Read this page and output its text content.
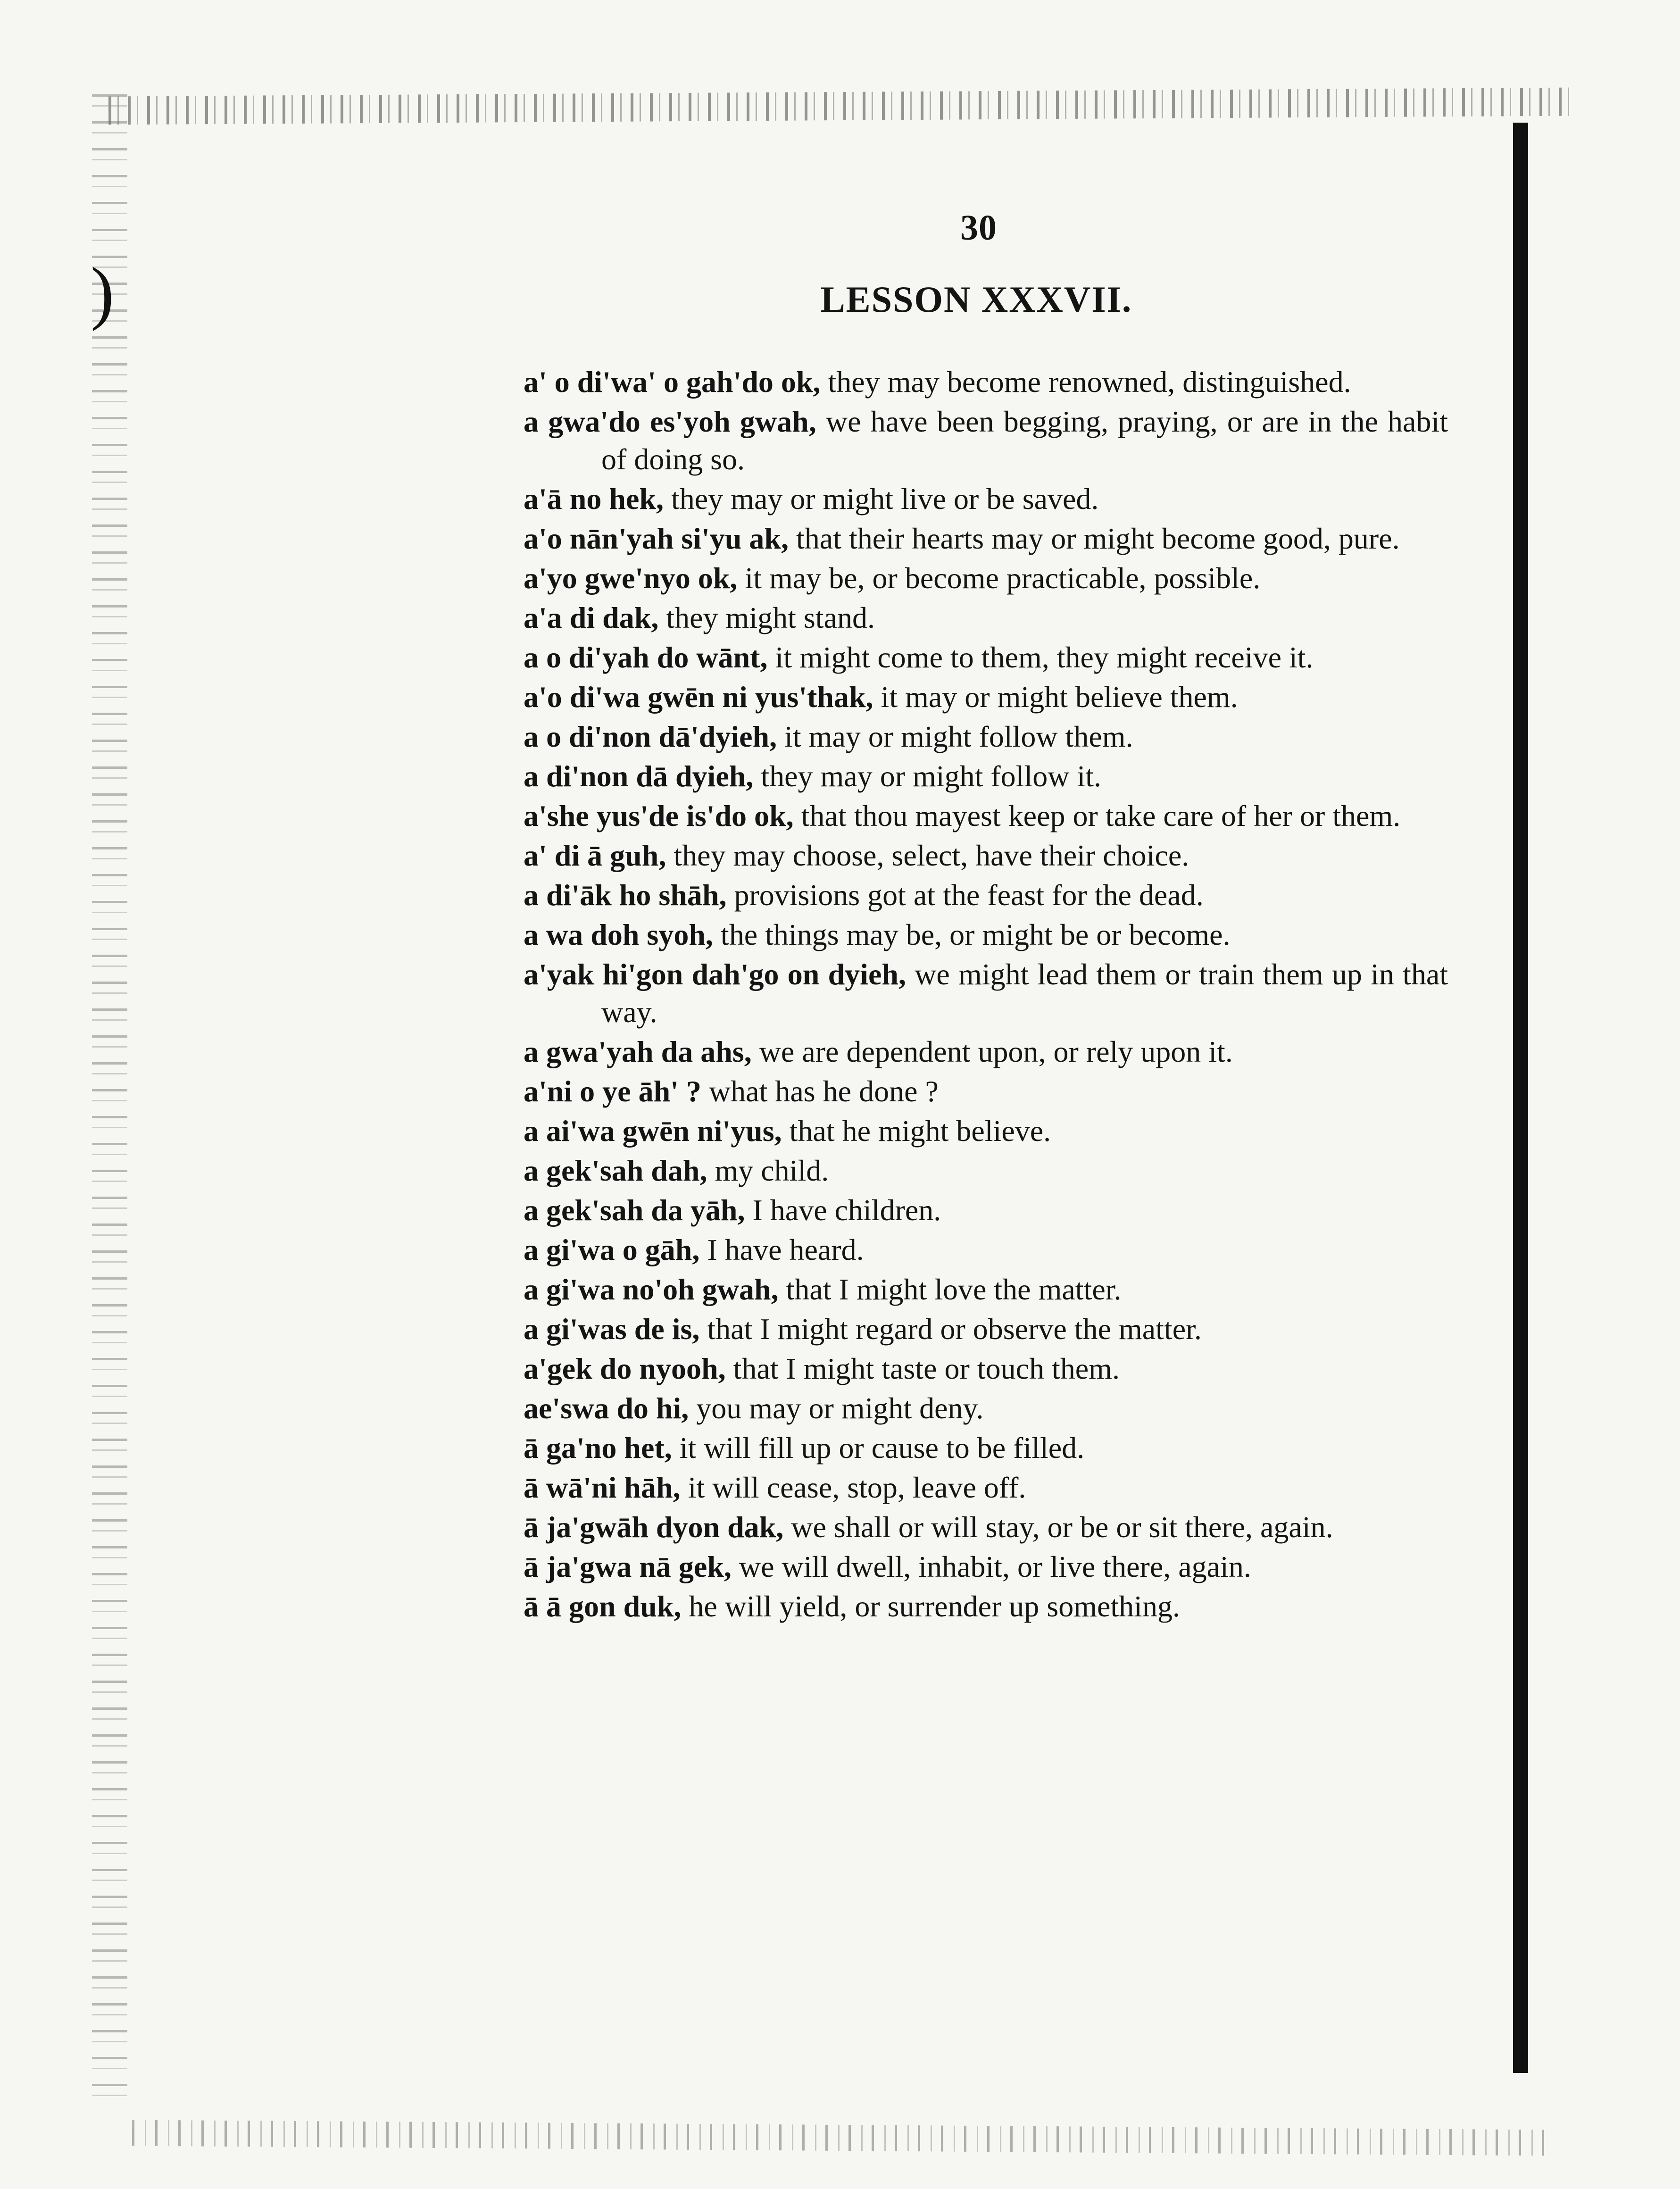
)
30
LESSON XXXVII.
a' o di'wa' o gah'do ok, they may become renowned, distinguished.
a gwa'do es'yoh gwah, we have been begging, praying, or are in the habit of doing so.
a'ā no hek, they may or might live or be saved.
a'o nān'yah si'yu ak, that their hearts may or might become good, pure.
a'yo gwe'nyo ok, it may be, or become practicable, possible.
a'a di dak, they might stand.
a o di'yah do wānt, it might come to them, they might receive it.
a'o di'wa gwēn ni yus'thak, it may or might believe them.
a o di'non dā'dyieh, it may or might follow them.
a di'non dā dyieh, they may or might follow it.
a'she yus'de is'do ok, that thou mayest keep or take care of her or them.
a' di ā guh, they may choose, select, have their choice.
a di'āk ho shāh, provisions got at the feast for the dead.
a wa doh syoh, the things may be, or might be or become.
a'yak hi'gon dah'go on dyieh, we might lead them or train them up in that way.
a gwa'yah da ahs, we are dependent upon, or rely upon it.
a'ni o ye āh' ? what has he done ?
a ai'wa gwēn ni'yus, that he might believe.
a gek'sah dah, my child.
a gek'sah da yāh, I have children.
a gi'wa o gāh, I have heard.
a gi'wa no'oh gwah, that I might love the matter.
a gi'was de is, that I might regard or observe the matter.
a'gek do nyooh, that I might taste or touch them.
ae'swa do hi, you may or might deny.
ā ga'no het, it will fill up or cause to be filled.
ā wā'ni hāh, it will cease, stop, leave off.
ā ja'gwāh dyon dak, we shall or will stay, or be or sit there, again.
ā ja'gwa nā gek, we will dwell, inhabit, or live there, again.
ā ā gon duk, he will yield, or surrender up something.
